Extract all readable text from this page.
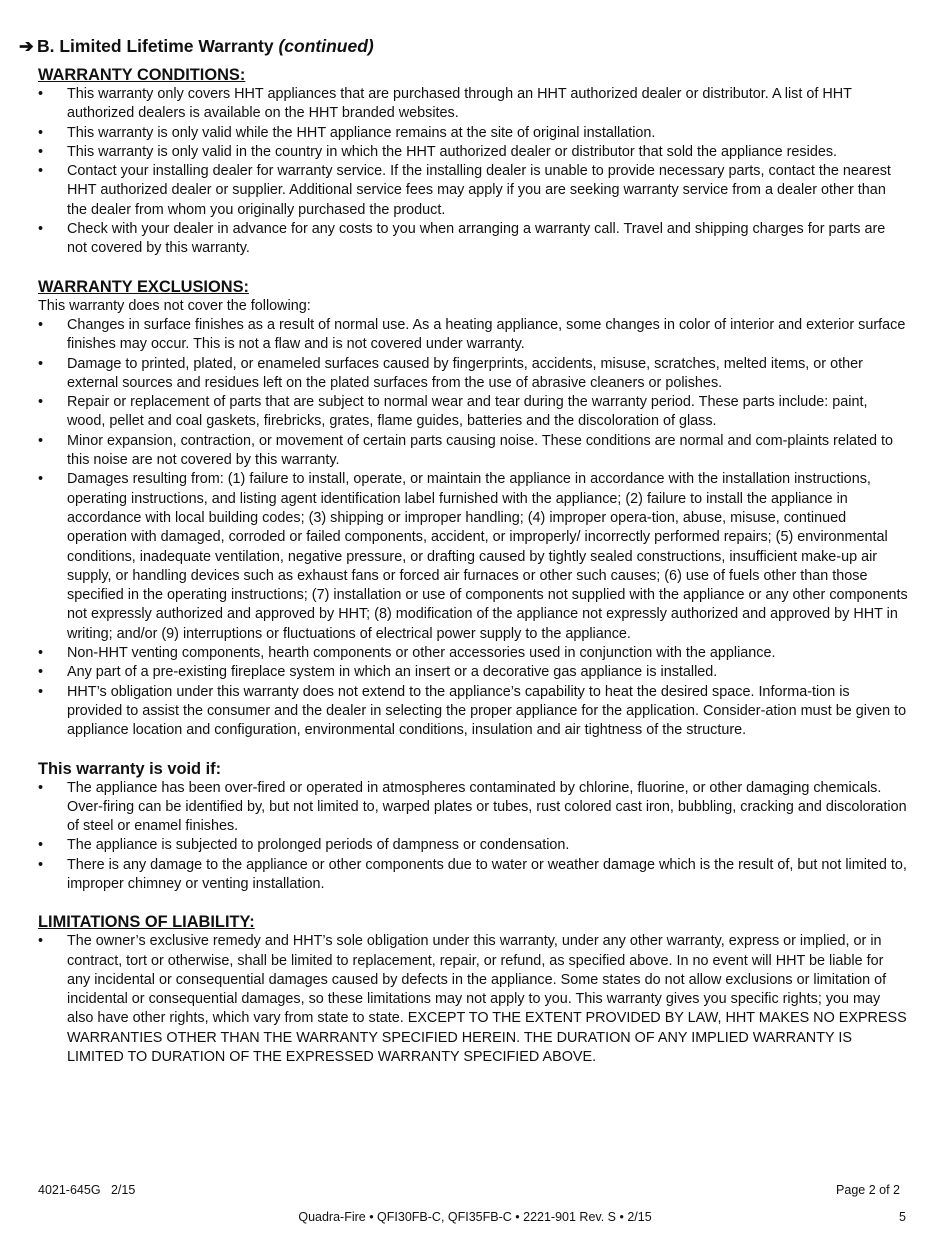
➔ B. Limited Lifetime Warranty (continued)

WARRANTY CONDITIONS:

• This warranty only covers HHT appliances that are purchased through an HHT authorized dealer or distributor. A list of HHT authorized dealers is available on the HHT branded websites.
• This warranty is only valid while the HHT appliance remains at the site of original installation.
• This warranty is only valid in the country in which the HHT authorized dealer or distributor that sold the appliance resides.
• Contact your installing dealer for warranty service. If the installing dealer is unable to provide necessary parts, contact the nearest HHT authorized dealer or supplier. Additional service fees may apply if you are seeking warranty service from a dealer other than the dealer from whom you originally purchased the product.
• Check with your dealer in advance for any costs to you when arranging a warranty call. Travel and shipping charges for parts are not covered by this warranty.

WARRANTY EXCLUSIONS:

This warranty does not cover the following:

• Changes in surface finishes as a result of normal use. As a heating appliance, some changes in color of interior and exterior surface finishes may occur. This is not a flaw and is not covered under warranty.
• Damage to printed, plated, or enameled surfaces caused by fingerprints, accidents, misuse, scratches, melted items, or other external sources and residues left on the plated surfaces from the use of abrasive cleaners or polishes.
• Repair or replacement of parts that are subject to normal wear and tear during the warranty period. These parts include: paint, wood, pellet and coal gaskets, firebricks, grates, flame guides, batteries and the discoloration of glass.
• Minor expansion, contraction, or movement of certain parts causing noise. These conditions are normal and com-plaints related to this noise are not covered by this warranty.
• Damages resulting from: (1) failure to install, operate, or maintain the appliance in accordance with the installation instructions, operating instructions, and listing agent identification label furnished with the appliance; (2) failure to install the appliance in accordance with local building codes; (3) shipping or improper handling; (4) improper opera-tion, abuse, misuse, continued operation with damaged, corroded or failed components, accident, or improperly/ incorrectly performed repairs; (5) environmental conditions, inadequate ventilation, negative pressure, or drafting caused by tightly sealed constructions, insufficient make-up air supply, or handling devices such as exhaust fans or forced air furnaces or other such causes; (6) use of fuels other than those specified in the operating instructions; (7) installation or use of components not supplied with the appliance or any other components not expressly authorized and approved by HHT; (8) modification of the appliance not expressly authorized and approved by HHT in writing; and/or (9) interruptions or fluctuations of electrical power supply to the appliance.
• Non-HHT venting components, hearth components or other accessories used in conjunction with the appliance.
• Any part of a pre-existing fireplace system in which an insert or a decorative gas appliance is installed.
• HHT’s obligation under this warranty does not extend to the appliance’s capability to heat the desired space. Informa-tion is provided to assist the consumer and the dealer in selecting the proper appliance for the application. Consider-ation must be given to appliance location and configuration, environmental conditions, insulation and air tightness of the structure.

This warranty is void if:

• The appliance has been over-fired or operated in atmospheres contaminated by chlorine, fluorine, or other damaging chemicals. Over-firing can be identified by, but not limited to, warped plates or tubes, rust colored cast iron, bubbling, cracking and discoloration of steel or enamel finishes.
• The appliance is subjected to prolonged periods of dampness or condensation.
• There is any damage to the appliance or other components due to water or weather damage which is the result of, but not limited to, improper chimney or venting installation.

LIMITATIONS OF LIABILITY:

• The owner’s exclusive remedy and HHT’s sole obligation under this warranty, under any other warranty, express or implied, or in contract, tort or otherwise, shall be limited to replacement, repair, or refund, as specified above. In no event will HHT be liable for any incidental or consequential damages caused by defects in the appliance. Some states do not allow exclusions or limitation of incidental or consequential damages, so these limitations may not apply to you. This warranty gives you specific rights; you may also have other rights, which vary from state to state. EXCEPT TO THE EXTENT PROVIDED BY LAW, HHT MAKES NO EXPRESS WARRANTIES OTHER THAN THE WARRANTY SPECIFIED HEREIN. THE DURATION OF ANY IMPLIED WARRANTY IS LIMITED TO DURATION OF THE EXPRESSED WARRANTY SPECIFIED ABOVE.
4021-645G   2/15	Page 2 of 2
Quadra-Fire • QFI30FB-C, QFI35FB-C • 2221-901 Rev. S • 2/15	5
